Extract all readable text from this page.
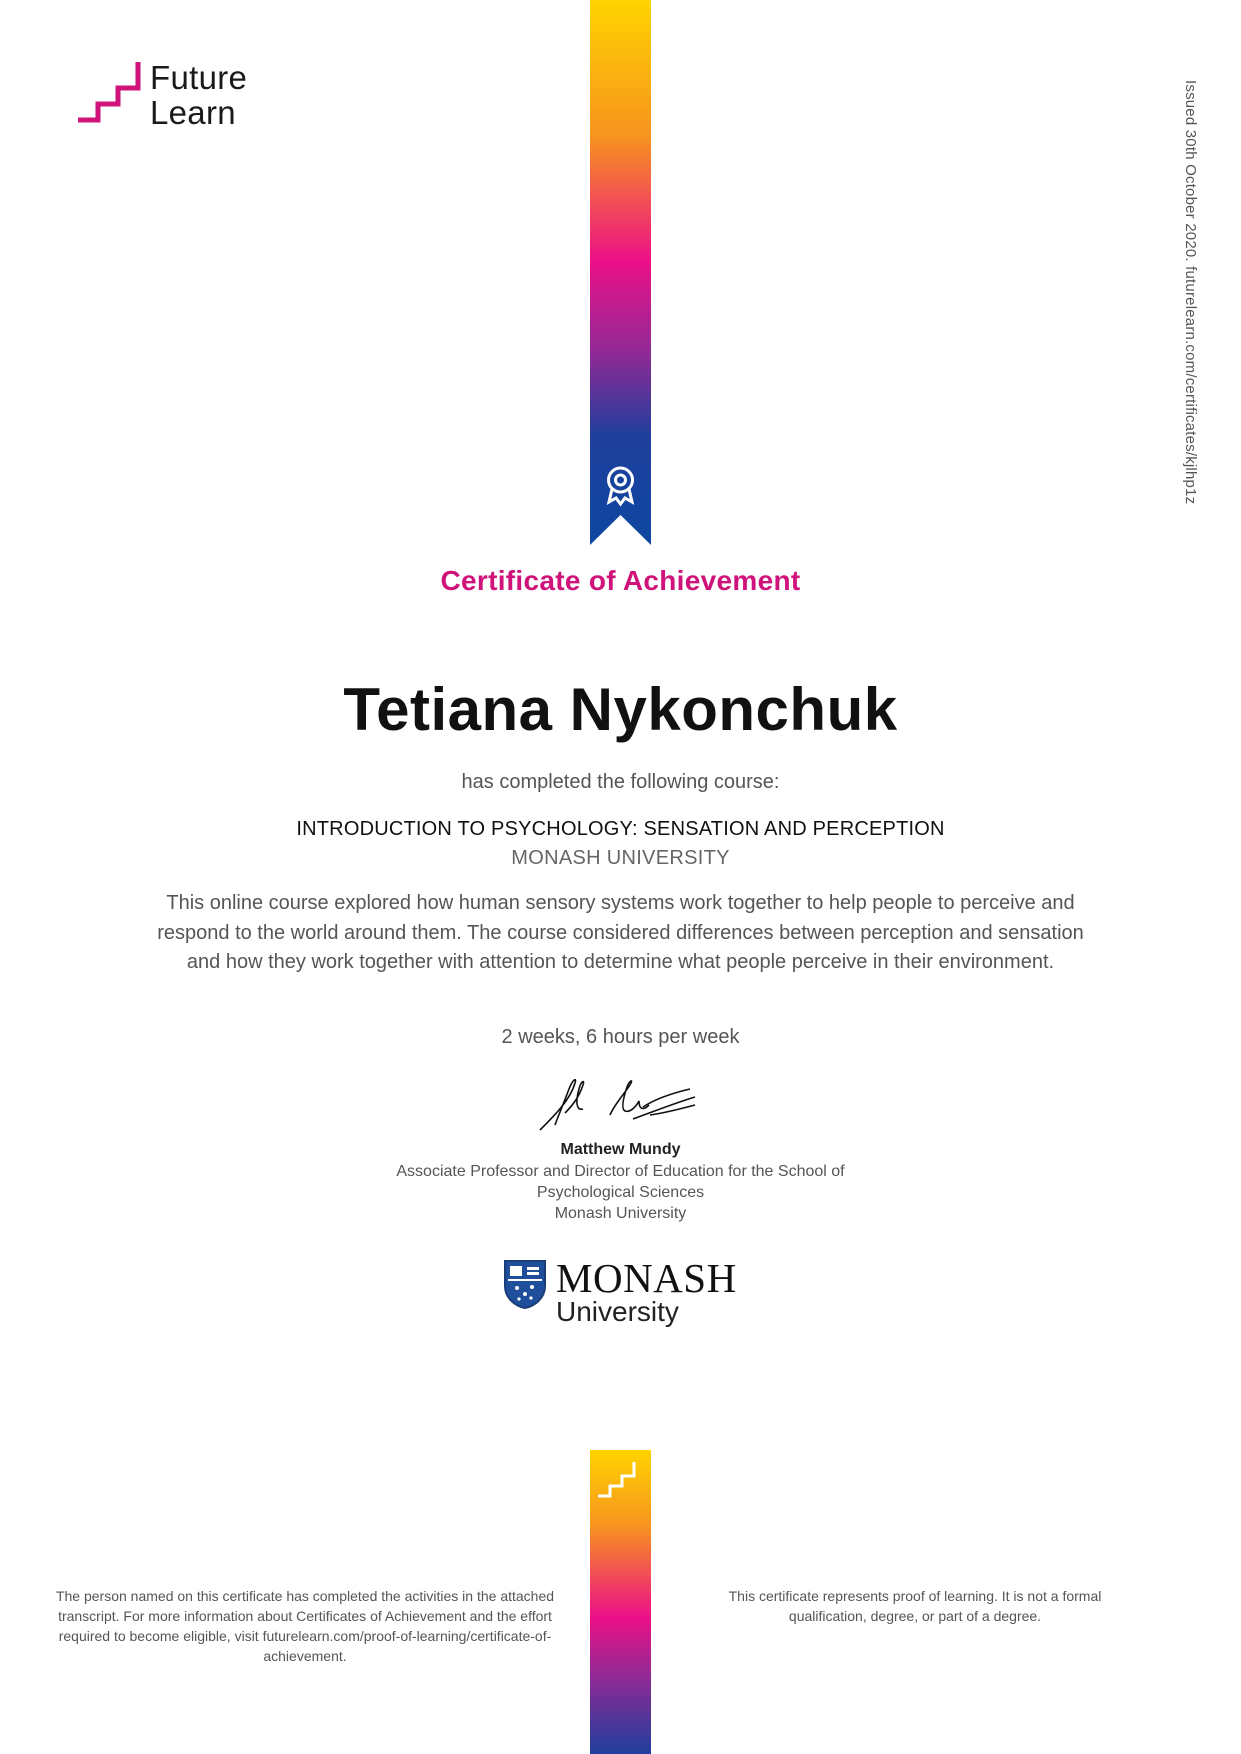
Future
Learn	Issued 30th October 2020. futurelearn.com/certificates/kjlhp1z
Certificate of Achievement
Tetiana Nykonchuk
has completed the following course:
INTRODUCTION TO PSYCHOLOGY: SENSATION AND PERCEPTION
MONASH UNIVERSITY
This online course explored how human sensory systems work together to help people to perceive and respond to the world around them. The course considered differences between perception and sensation and how they work together with attention to determine what people perceive in their environment.
2 weeks, 6 hours per week
Matthew Mundy
Associate Professor and Director of Education for the School of
Psychological Sciences
Monash University
MONASH
University
The person named on this certificate has completed the activities in the attached transcript. For more information about Certificates of Achievement and the effort required to become eligible, visit futurelearn.com/proof-of-learning/certificate-of-achievement.
This certificate represents proof of learning. It is not a formal qualification, degree, or part of a degree.
